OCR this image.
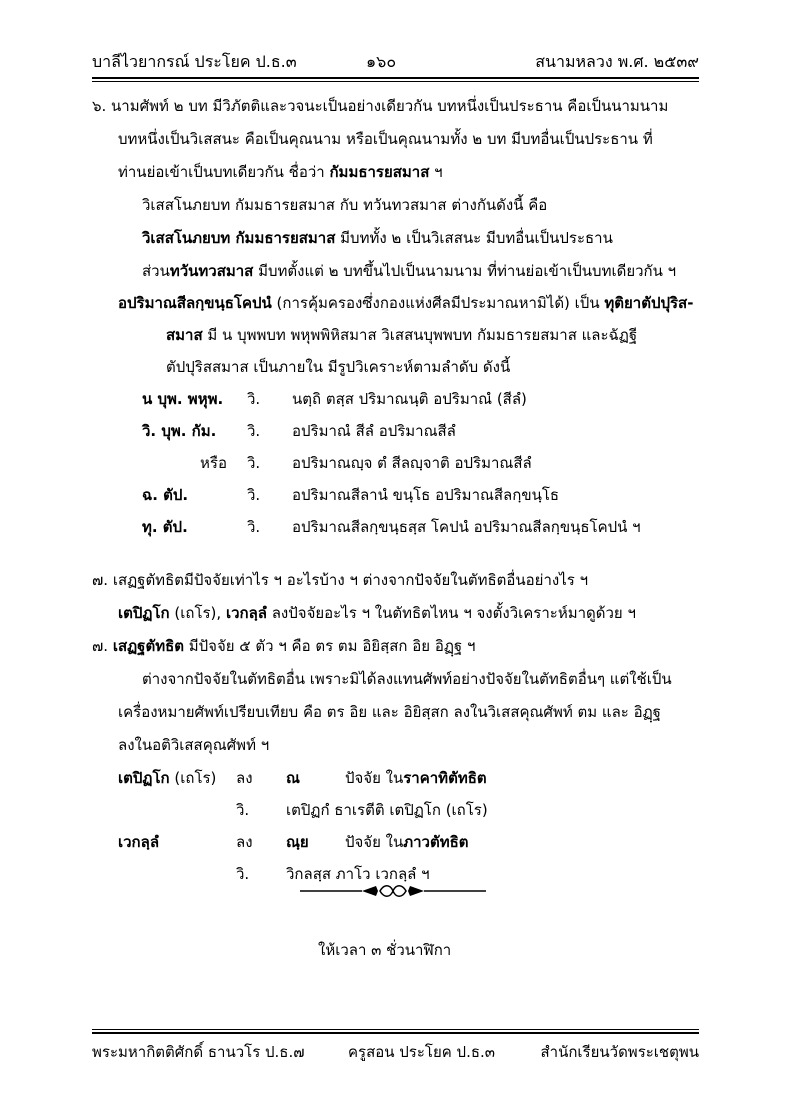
บาลีไวยากรณ์ ประโยค ป.ธ.๓	๑๖๐	สนามหลวง พ.ศ. ๒๕๓๙
๖. นามศัพท์ ๒ บท มีวิภัตติและวจนะเป็นอย่างเดียวกัน บทหนึ่งเป็นประธาน คือเป็นนามนาม
บทหนึ่งเป็นวิเสสนะ คือเป็นคุณนาม หรือเป็นคุณนามทั้ง ๒ บท มีบทอื่นเป็นประธาน ที่
ท่านย่อเข้าเป็นบทเดียวกัน ชื่อว่า กัมมธารยสมาส ฯ
วิเสสโนภยบท กัมมธารยสมาส กับ ทวันทวสมาส ต่างกันดังนี้ คือ
วิเสสโนภยบท กัมมธารยสมาส มีบททั้ง ๒ เป็นวิเสสนะ มีบทอื่นเป็นประธาน
ส่วนทวันทวสมาส มีบทตั้งแต่ ๒ บทขึ้นไปเป็นนามนาม ที่ท่านย่อเข้าเป็นบทเดียวกัน ฯ
อปริมาณสีลกฺขนฺธโคปนํ (การคุ้มครองซึ่งกองแห่งศีลมีประมาณหามิได้) เป็น ทุติยาตัปปุริส-
สมาส มี น บุพพบท พหุพพิหิสมาส วิเสสนบุพพบท กัมมธารยสมาส และฉัฏฐี
ตัปปุริสสมาส เป็นภายใน มีรูปวิเคราะห์ตามลำดับ ดังนี้
น บุพ. พหุพ. วิ. นตฺถิ ตสฺส ปริมาณนฺติ อปริมาณํ (สีลํ)
วิ. บุพ. กัม. วิ. อปริมาณํ สีลํ อปริมาณสีลํ
หรือ วิ. อปริมาณญฺจ ตํ สีลญฺจาติ อปริมาณสีลํ
ฉ. ตัป.	วิ. อปริมาณสีลานํ ขนฺโธ อปริมาณสีลกฺขนฺโธ
ทุ. ตัป.	วิ. อปริมาณสีลกฺขนฺธสฺส โคปนํ อปริมาณสีลกฺขนฺธโคปนํ ฯ
๗. เสฏฐตัทธิตมีปัจจัยเท่าไร ฯ อะไรบ้าง ฯ ต่างจากปัจจัยในตัทธิตอื่นอย่างไร ฯ
เตปิฏโก (เถโร), เวกลฺลํ ลงปัจจัยอะไร ฯ ในตัทธิตไหน ฯ จงตั้งวิเคราะห์มาดูด้วย ฯ
๗. เสฏฐตัทธิต มีปัจจัย ๕ ตัว ฯ คือ ตร ตม อิยิสฺสก อิย อิฏฺฐ ฯ
ต่างจากปัจจัยในตัทธิตอื่น เพราะมิได้ลงแทนศัพท์อย่างปัจจัยในตัทธิตอื่นๆ แต่ใช้เป็น
เครื่องหมายศัพท์เปรียบเทียบ คือ ตร อิย และ อิยิสฺสก ลงในวิเสสคุณศัพท์ ตม และ อิฏฺฐ
ลงในอติวิเสสคุณศัพท์ ฯ
เตปิฏโก (เถโร) ลง ณ	ปัจจัย ในราคาทิตัทธิต
วิ. เตปิฏกํ ธาเรตีติ เตปิฏโก (เถโร)
เวกลฺลํ	ลง ณฺย ปัจจัย ในภาวตัทธิต
วิ. วิกลสฺส ภาโว เวกลฺลํ ฯ
ให้เวลา ๓ ชั่วนาฬิกา
พระมหากิตติศักดิ์ ธานวโร ป.ธ.๗	ครูสอน ประโยค ป.ธ.๓	สำนักเรียนวัดพระเชตุพน
